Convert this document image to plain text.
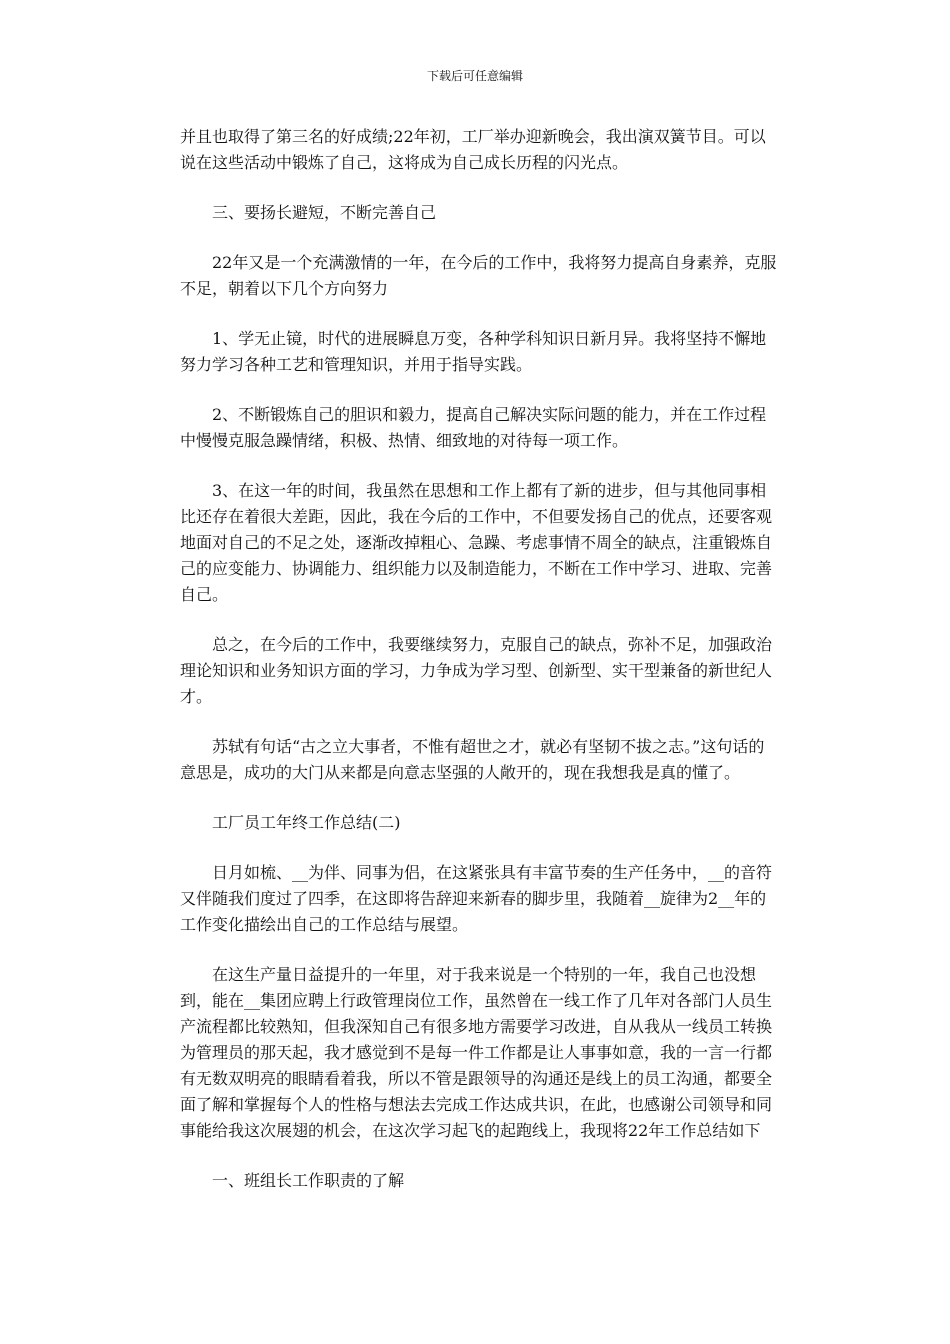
下载后可任意编辑

并且也取得了第三名的好成绩;22年初，工厂举办迎新晚会，我出演双簧节目。可以说在这些活动中锻炼了自己，这将成为自己成长历程的闪光点。

三、要扬长避短，不断完善自己

22年又是一个充满激情的一年，在今后的工作中，我将努力提高自身素养，克服不足，朝着以下几个方向努力

1、学无止镜，时代的进展瞬息万变，各种学科知识日新月异。我将坚持不懈地努力学习各种工艺和管理知识，并用于指导实践。

2、不断锻炼自己的胆识和毅力，提高自己解决实际问题的能力，并在工作过程中慢慢克服急躁情绪，积极、热情、细致地的对待每一项工作。

3、在这一年的时间，我虽然在思想和工作上都有了新的进步，但与其他同事相比还存在着很大差距，因此，我在今后的工作中，不但要发扬自己的优点，还要客观地面对自己的不足之处，逐渐改掉粗心、急躁、考虑事情不周全的缺点，注重锻炼自己的应变能力、协调能力、组织能力以及制造能力，不断在工作中学习、进取、完善自己。

总之，在今后的工作中，我要继续努力，克服自己的缺点，弥补不足，加强政治理论知识和业务知识方面的学习，力争成为学习型、创新型、实干型兼备的新世纪人才。

苏轼有句话“古之立大事者，不惟有超世之才，就必有坚韧不拔之志。”这句话的意思是，成功的大门从来都是向意志坚强的人敞开的，现在我想我是真的懂了。

工厂员工年终工作总结(二)

日月如梳、__为伴、同事为侣，在这紧张具有丰富节奏的生产任务中，__的音符又伴随我们度过了四季，在这即将告辞迎来新春的脚步里，我随着__旋律为2__年的工作变化描绘出自己的工作总结与展望。

在这生产量日益提升的一年里，对于我来说是一个特别的一年，我自己也没想到，能在__集团应聘上行政管理岗位工作，虽然曾在一线工作了几年对各部门人员生产流程都比较熟知，但我深知自己有很多地方需要学习改进，自从我从一线员工转换为管理员的那天起，我才感觉到不是每一件工作都是让人事事如意，我的一言一行都有无数双明亮的眼睛看着我，所以不管是跟领导的沟通还是线上的员工沟通，都要全面了解和掌握每个人的性格与想法去完成工作达成共识，在此，也感谢公司领导和同事能给我这次展翅的机会，在这次学习起飞的起跑线上，我现将22年工作总结如下

一、班组长工作职责的了解
